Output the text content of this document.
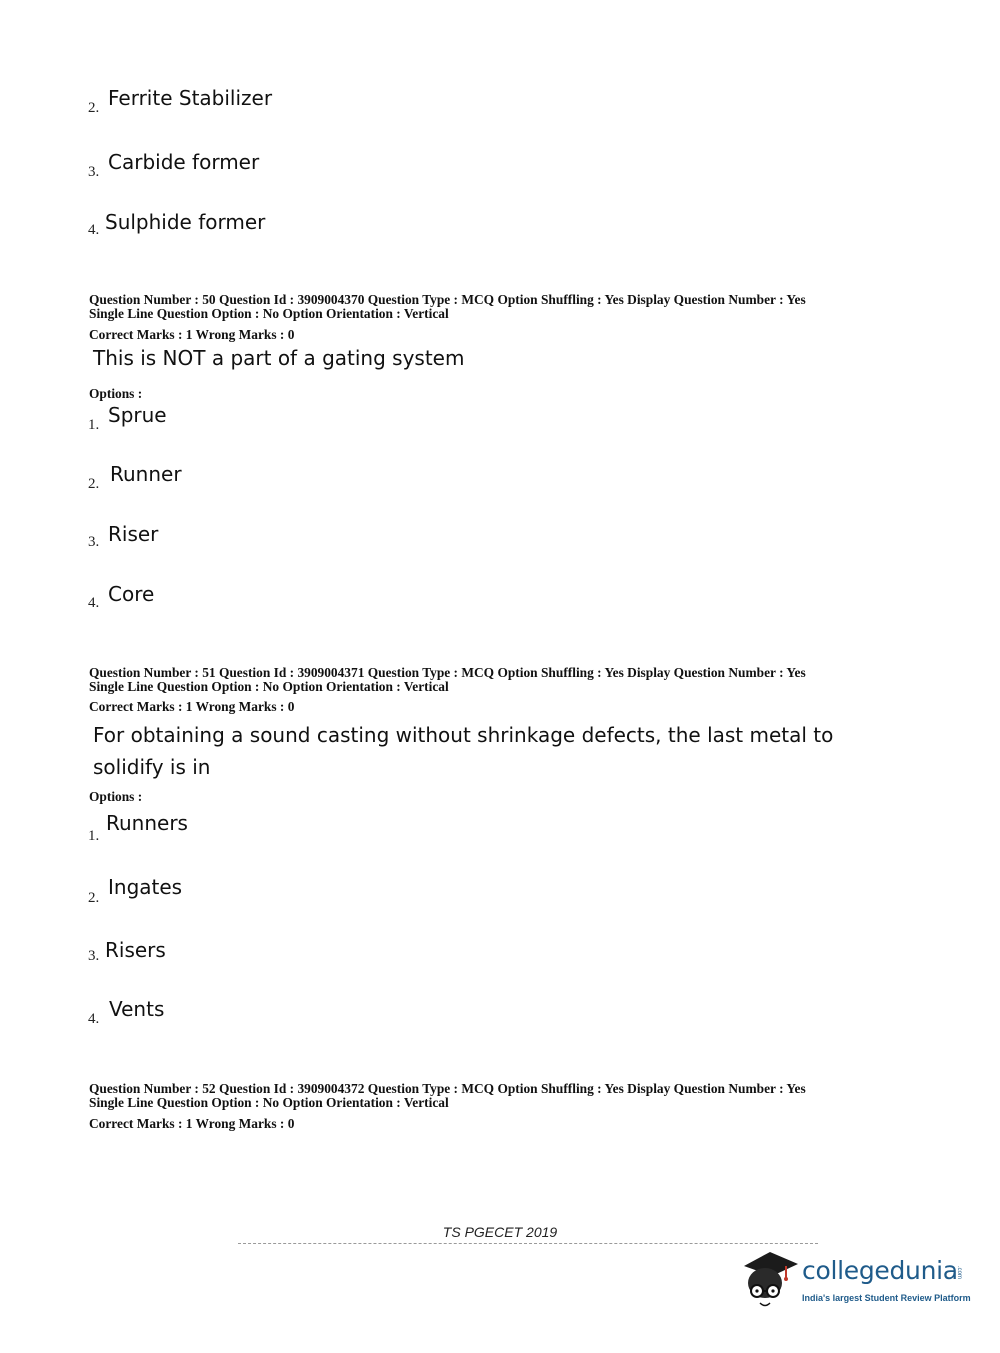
2. Ferrite Stabilizer
3. Carbide former
4. Sulphide former
Question Number : 50 Question Id : 3909004370 Question Type : MCQ Option Shuffling : Yes Display Question Number : Yes
Single Line Question Option : No Option Orientation : Vertical
Correct Marks : 1 Wrong Marks : 0
This is NOT a part of a gating system
Options :
1. Sprue
2. Runner
3. Riser
4. Core
Question Number : 51 Question Id : 3909004371 Question Type : MCQ Option Shuffling : Yes Display Question Number : Yes
Single Line Question Option : No Option Orientation : Vertical
Correct Marks : 1 Wrong Marks : 0
For obtaining a sound casting without shrinkage defects, the last metal to
solidify is in
Options :
1.
Runners
2. Ingates
3. Risers
4. Vents
Question Number : 52 Question Id : 3909004372 Question Type : MCQ Option Shuffling : Yes Display Question Number : Yes
Single Line Question Option : No Option Orientation : Vertical
Correct Marks : 1 Wrong Marks : 0
TS PGECET 2019
collegedunia
.com
India's largest Student Review Platform
